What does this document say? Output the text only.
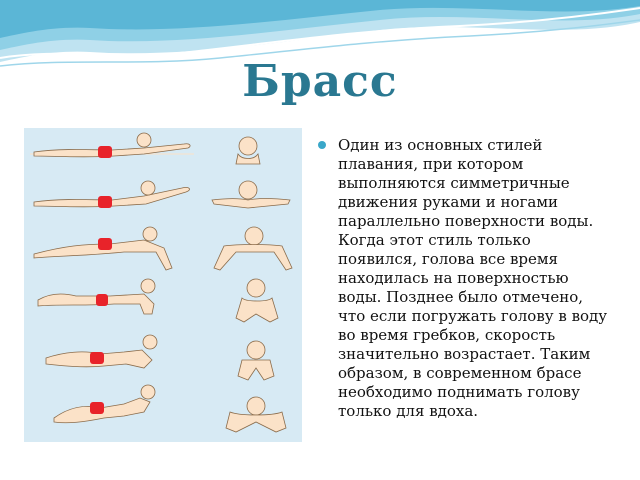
Брасс
Один из основных стилей плавания, при котором выполняются симметричные движения руками и ногами параллельно поверхности воды. Когда этот стиль только появился, голова все время находилась на поверхностью воды. Позднее было отмечено, что если погружать голову в воду во время гребков, скорость значительно возрастает. Таким образом, в современном брасе необходимо поднимать голову только для вдоха.
